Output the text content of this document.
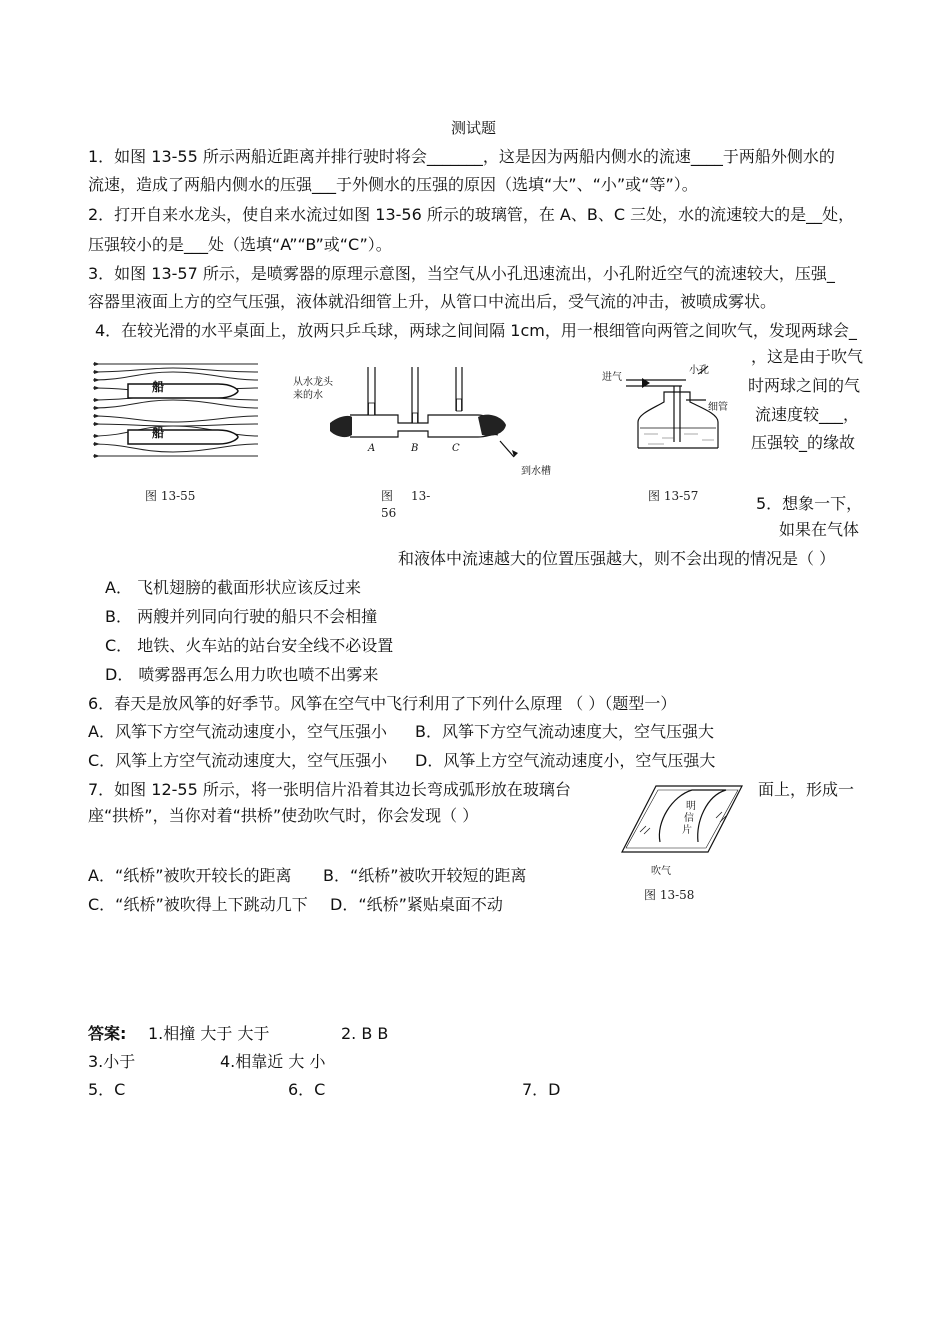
测试题
1．如图 13-55 所示两船近距离并排行驶时将会_______，这是因为两船内侧水的流速____于两船外侧水的
流速，造成了两船内侧水的压强___于外侧水的压强的原因（选填“大”、“小”或“等”）。
2．打开自来水龙头，使自来水流过如图 13-56 所示的玻璃管，在 A、B、C 三处，水的流速较大的是__处，
压强较小的是___处（选填“A”“B”或“C”）。
3．如图 13-57 所示，是喷雾器的原理示意图，当空气从小孔迅速流出，小孔附近空气的流速较大，压强_
容器里液面上方的空气压强，液体就沿细管上升，从管口中流出后，受气流的冲击，被喷成雾状。
4．在较光滑的水平桌面上，放两只乒乓球，两球之间间隔 1cm，用一根细管向两管之间吹气，发现两球会_
，这是由于吹气
时两球之间的气
流速度较___，
压强较_的缘故
船
船
图 13-55
从水龙头
来的水
A	B	C
到水槽
图 13-
56
进气
小孔
细管
图 13-57	5．想象一下，
如果在气体
和液体中流速越大的位置压强越大，则不会出现的情况是（ ）
A． 飞机翅膀的截面形状应该反过来
B． 两艘并列同向行驶的船只不会相撞
C． 地铁、火车站的站台安全线不必设置
D． 喷雾器再怎么用力吹也喷不出雾来
6．春天是放风筝的好季节。风筝在空气中飞行利用了下列什么原理 （ ）（题型一）
A．风筝下方空气流动速度小，空气压强小 B．风筝下方空气流动速度大，空气压强大
C．风筝上方空气流动速度大，空气压强小 D．风筝上方空气流动速度小，空气压强大
7．如图 12-55 所示，将一张明信片沿着其边长弯成弧形放在玻璃台	面上，形成一
座“拱桥”，当你对着“拱桥”使劲吹气时，你会发现（ ）
A．“纸桥”被吹开较长的距离 B．“纸桥”被吹开较短的距离
C．“纸桥”被吹得上下跳动几下 D．“纸桥”紧贴桌面不动
明
信
片
吹气
图 13-58
答案: 1.相撞 大于 大于	2. B B
3.小于	4.相靠近 大 小
5．C	6．C	7．D
